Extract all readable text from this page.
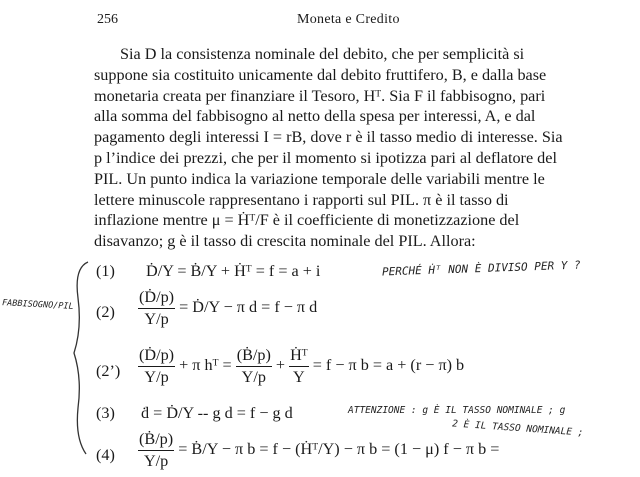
256	Moneta e Credito

Sia D la consistenza nominale del debito, che per semplicità si

suppone sia costituito unicamente dal debito fruttifero, B, e dalla base

monetaria creata per finanziare il Tesoro, Hᵀ. Sia F il fabbisogno, pari

alla somma del fabbisogno al netto della spesa per interessi, A, e dal

pagamento degli interessi I = rB, dove r è il tasso medio di interesse. Sia

p l’indice dei prezzi, che per il momento si ipotizza pari al deflatore del

PIL. Un punto indica la variazione temporale delle variabili mentre le

lettere minuscole rappresentano i rapporti sul PIL. π è il tasso di

inflazione mentre μ = Ḣᵀ/F è il coefficiente di monetizzazione del

disavanzo; g è il tasso di crescita nominale del PIL. Allora:

FABBISOGNO/PIL
(1) Ḋ/Y = Ḃ/Y + Ḣᵀ = f = a + i	PERCHÉ Ḣᵀ NON È DIVISO PER Y ?
$(2) \frac{\text{(Ḋ/p)}}{Y/p}$ = Ḋ/Y − π d = f − π d
(2’) $\frac{\text{(Ḋ/p)}}{Y/p} + \pi$ hᵀ = $\frac{\text{(Ḃ/p)}}{Y/p} + \frac{\text{Ḣᵀ}}{Y} = f - \pi$ b = a + (r − π) b
(3) ḋ = Ḋ/Y -- g d = f − g d	ATTENZIONE : g È IL TASSO NOMINALE ; g
2 È IL TASSO NOMINALE ;
$(4) \frac{\text{(Ḃ/p)}}{Y/p}$ = Ḃ/Y − π b = f − (Ḣᵀ/Y) − π b = (1 − μ) f − π b =
